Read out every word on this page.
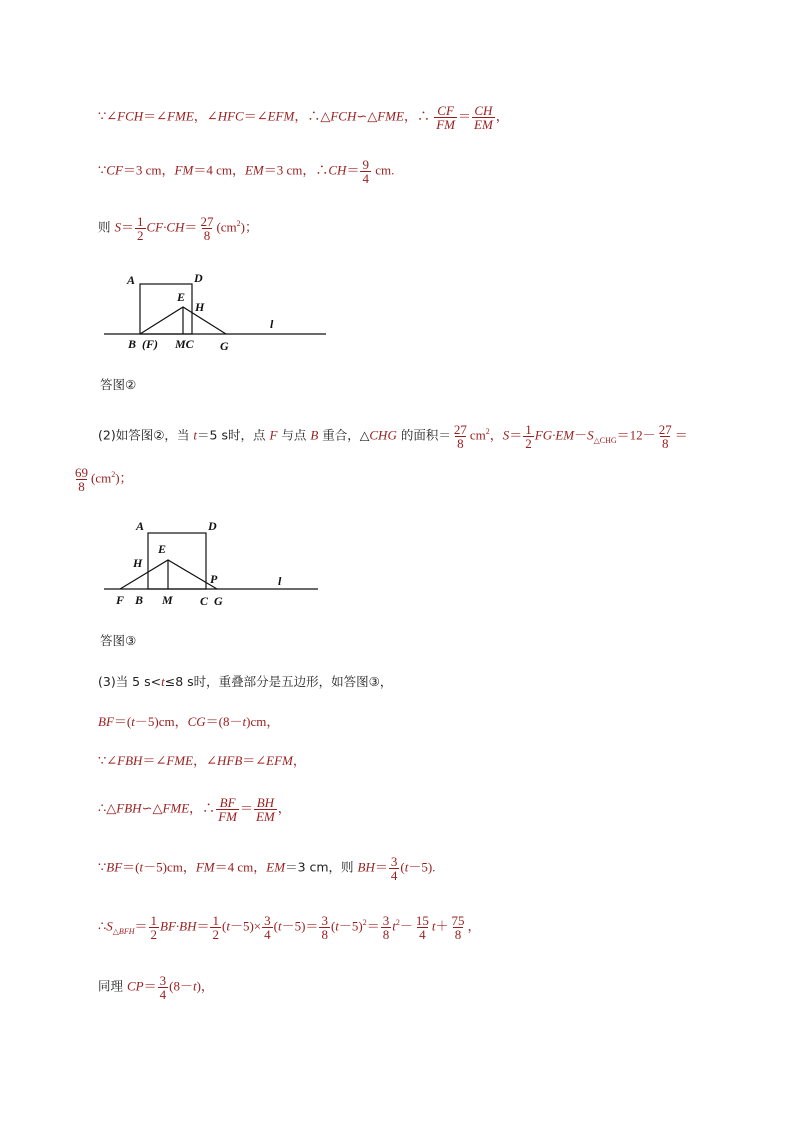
∵∠FCH＝∠FME，∠HFC＝∠EFM，∴△FCH∽△FME，∴ $\frac{CF}{FM} = \frac{CH}{EM}$ ，
∵CF＝3 cm，FM＝4 cm，EM＝3 cm，∴CH＝ $\frac{9}{4}$ cm.
则 $S= \frac{1}{2} CF\cdot CH= \frac{27}{8} (cm^2)$；
A	D
E
H
l
B (F) MC G
答图②
(2)如答图②，当 t＝5 s时，点 F 与点 B 重合，△CHG 的面积＝ $\frac{27}{8} cm^2$，$S= \frac{1}{2} FG\cdot EM-S_{\triangle CHG}=12- \frac{27}{8}$ ＝
$\frac{69}{8} (cm^2)$；
A	D
E
H
P	l
F B M C G
答图③
(3)当 5 s<t≤8 s时，重叠部分是五边形，如答图③，
BF＝(t－5)cm，CG＝(8－t)cm，
∵∠FBH＝∠FME，∠HFB＝∠EFM，
∴△FBH∽△FME，∴ $\frac{BF}{FM} = \frac{BH}{EM}$ ，
∵BF＝(t－5)cm，FM＝4 cm，EM＝3 cm，则 $BH= \frac{3}{4} (t-5)$.
$\therefore S_{\triangle BFH}= \frac{1}{2} BF\cdot BH= \frac{1}{2} (t-5)\times \frac{3}{4} (t-5)= \frac{3}{8} (t-5)^2= \frac{3}{8} t^2- \frac{15}{4} t+ \frac{75}{8}$ ，
同理 $CP= \frac{3}{4} (8-t)$，
